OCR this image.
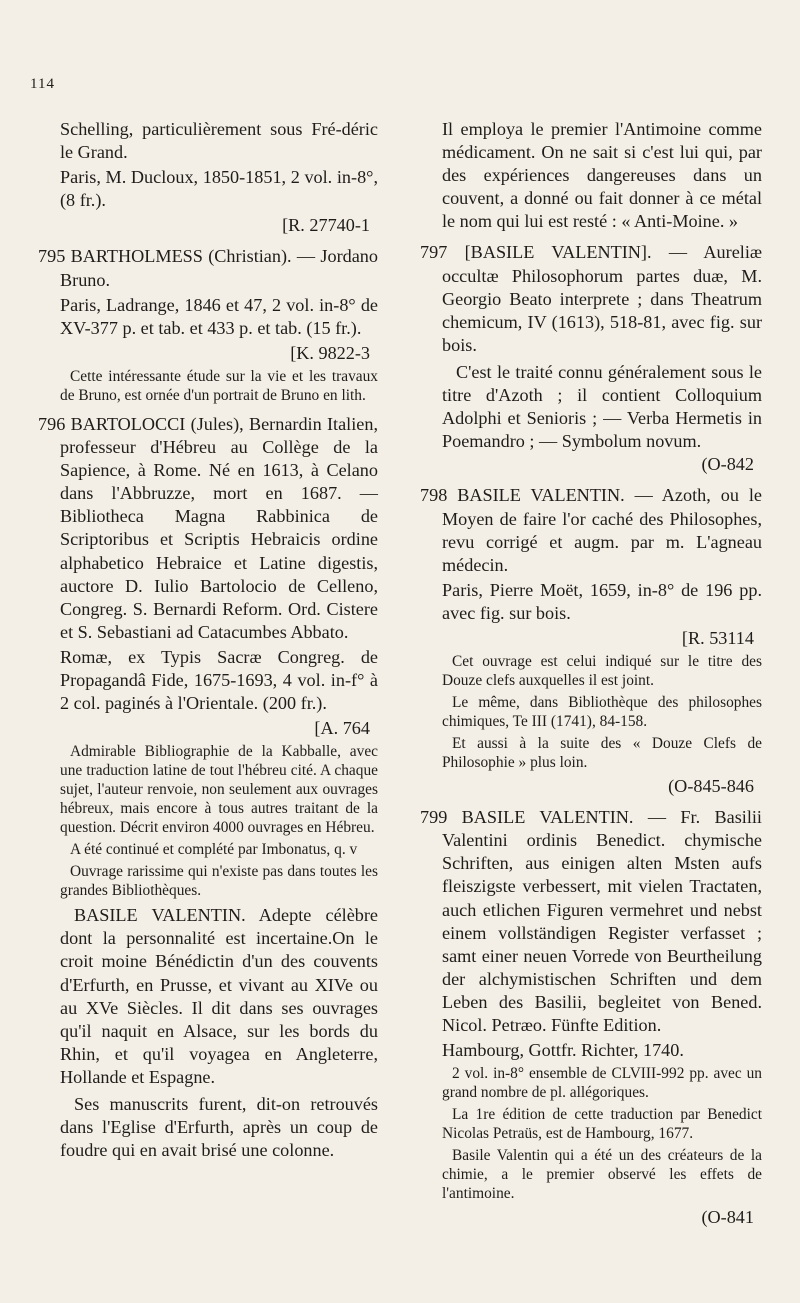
114

Schelling, particulièrement sous Fré-déric le Grand.

Paris, M. Ducloux, 1850-1851, 2 vol. in-8°, (8 fr.).

[R. 27740-1

795 BARTHOLMESS (Christian). — Jordano Bruno.

Paris, Ladrange, 1846 et 47, 2 vol. in-8° de XV-377 p. et tab. et 433 p. et tab. (15 fr.).

[K. 9822-3

Cette intéressante étude sur la vie et les travaux de Bruno, est ornée d'un portrait de Bruno en lith.

796 BARTOLOCCI (Jules), Bernardin Italien, professeur d'Hébreu au Collège de la Sapience, à Rome. Né en 1613, à Celano dans l'Abbruzze, mort en 1687. — Bibliotheca Magna Rabbinica de Scriptoribus et Scriptis Hebraicis ordine alphabetico Hebraice et Latine digestis, auctore D. Iulio Bartolocio de Celleno, Congreg. S. Bernardi Reform. Ord. Cistere et S. Sebastiani ad Catacumbes Abbato.

Romæ, ex Typis Sacræ Congreg. de Propagandâ Fide, 1675-1693, 4 vol. in-f° à 2 col. paginés à l'Orientale. (200 fr.).

[A. 764

Admirable Bibliographie de la Kabballe, avec une traduction latine de tout l'hébreu cité. A chaque sujet, l'auteur renvoie, non seulement aux ouvrages hébreux, mais encore à tous autres traitant de la question. Décrit environ 4000 ouvrages en Hébreu.

A été continué et complété par Imbonatus, q. v

Ouvrage rarissime qui n'existe pas dans toutes les grandes Bibliothèques.

BASILE VALENTIN. Adepte célèbre dont la personnalité est incertaine.On le croit moine Bénédictin d'un des couvents d'Erfurth, en Prusse, et vivant au XIVe ou au XVe Siècles. Il dit dans ses ouvrages qu'il naquit en Alsace, sur les bords du Rhin, et qu'il voyagea en Angleterre, Hollande et Espagne.

Ses manuscrits furent, dit-on retrouvés dans l'Eglise d'Erfurth, après un coup de foudre qui en avait brisé une colonne.

Il employa le premier l'Antimoine comme médicament. On ne sait si c'est lui qui, par des expériences dangereuses dans un couvent, a donné ou fait donner à ce métal le nom qui lui est resté : « Anti-Moine. »

797 [BASILE VALENTIN]. — Aureliæ occultæ Philosophorum partes duæ, M. Georgio Beato interprete ; dans Theatrum chemicum, IV (1613), 518-81, avec fig. sur bois.

C'est le traité connu généralement sous le titre d'Azoth ; il contient Colloquium Adolphi et Senioris ; — Verba Hermetis in Poemandro ; — Symbolum novum.

(O-842

798 BASILE VALENTIN. — Azoth, ou le Moyen de faire l'or caché des Philosophes, revu corrigé et augm. par m. L'agneau médecin.

Paris, Pierre Moët, 1659, in-8° de 196 pp. avec fig. sur bois.

[R. 53114

Cet ouvrage est celui indiqué sur le titre des Douze clefs auxquelles il est joint.

Le même, dans Bibliothèque des philosophes chimiques, Te III (1741), 84-158.

Et aussi à la suite des « Douze Clefs de Philosophie » plus loin.

(O-845-846

799 BASILE VALENTIN. — Fr. Basilii Valentini ordinis Benedict. chymische Schriften, aus einigen alten Msten aufs fleiszigste verbessert, mit vielen Tractaten, auch etlichen Figuren vermehret und nebst einem vollständigen Register verfasset ; samt einer neuen Vorrede von Beurtheilung der alchymistischen Schriften und dem Leben des Basilii, begleitet von Bened. Nicol. Petræo. Fünfte Edition.

Hambourg, Gottfr. Richter, 1740.

2 vol. in-8° ensemble de CLVIII-992 pp. avec un grand nombre de pl. allégoriques.

La 1re édition de cette traduction par Benedict Nicolas Petraüs, est de Hambourg, 1677.

Basile Valentin qui a été un des créateurs de la chimie, a le premier observé les effets de l'antimoine.

(O-841
